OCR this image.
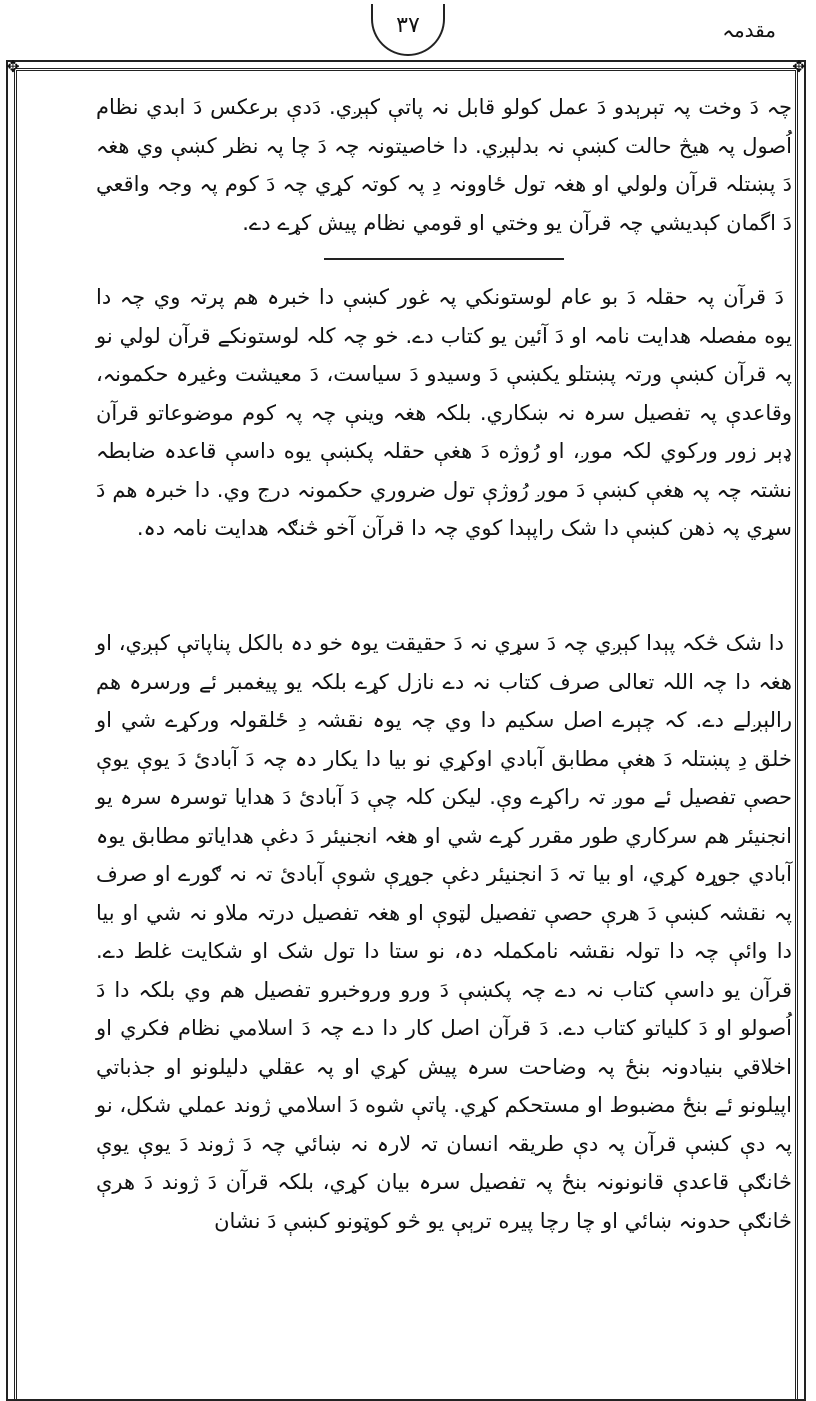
مقدمہ
۳۷
✥	✥

چہ دَ وخت پہ تېرېدو دَ عمل کولو قابل نہ پاتې کېږي. دَدې برعکس دَ ابدي نظام اُصول پہ هیڅ حالت کښې نہ بدلېږي. دا خاصیتونہ چہ دَ چا پہ نظر کښې وي هغہ دَ پښتلہ قرآن ولولي او هغہ تول ځاوونہ دِ پہ کوتہ کړي چہ دَ کوم پہ وجہ واقعي دَ اگمان کېدیشي چہ قرآن یو وختي او قومي نظام پیش کړے دے.

دَ قرآن پہ حقلہ دَ بو عام لوستونکي پہ غور کښې دا خبرہ هم پرتہ وي چہ دا یوه مفصلہ هدایت نامہ او دَ آئین یو کتاب دے. خو چہ کلہ لوستونکے قرآن لولي نو پہ قرآن کښې ورتہ پښتلو یکښې دَ وسیدو دَ سیاست، دَ معیشت وغیرہ حکمونہ، وقاعدې پہ تفصیل سرہ نہ ښکاري. بلکہ هغہ وینې چہ پہ کوم موضوعاتو قرآن ډېر زور ورکوي لکہ موږ، او رُوژه دَ هغې حقلہ پکښې یوه داسې قاعدہ ضابطہ نشتہ چہ پہ هغې کښې دَ موږ رُوژې تول ضروري حکمونہ درج وي. دا خبرہ هم دَ سړي پہ ذهن کښې دا شک راپېدا کوي چہ دا قرآن آخو څنګہ هدایت نامہ دہ.

دا شک څکہ پېدا کېږي چہ دَ سړي نہ دَ حقیقت یوہ خو دہ بالکل پناپاتې کېږي، او هغہ دا چہ اللہ تعالی صرف کتاب نہ دے نازل کړے بلکہ یو پیغمبر ئے ورسرہ هم رالېږلے دے. کہ چېرے اصل سکیم دا وي چہ یوہ نقشہ دِ ځلقولہ ورکړے شي او خلق دِ پښتلہ دَ هغې مطابق آبادي اوکړي نو بیا دا یکار دہ چہ دَ آبادئ دَ یوې یوې حصې تفصیل ئے موږ تہ راکړے وې. لیکن کلہ چې دَ آبادئ دَ هدایا توسرہ سرہ یو انجنیئر هم سرکاري طور مقرر کړے شي او هغہ انجنیئر دَ دغې هدایاتو مطابق یوہ آبادي جوړہ کړي، او بیا تہ دَ انجنیئر دغې جوړې شوې آبادئ تہ نہ ګورے او صرف پہ نقشہ کښې دَ هرې حصې تفصیل لټوې او هغہ تفصیل درتہ ملاو نہ شي او بیا دا وائې چہ دا تولہ نقشہ نامکملہ دہ، نو ستا دا تول شک او شکایت غلط دے. قرآن یو داسې کتاب نہ دے چہ پکښې دَ ورو وروخبرو تفصیل هم وي بلکہ دا دَ اُصولو او دَ کلیاتو کتاب دے. دَ قرآن اصل کار دا دے چہ دَ اسلامي نظام فکري او اخلاقي بنیادونہ بنځ پہ وضاحت سرہ پیش کړي او پہ عقلي دلیلونو او جذباتي اپیلونو ئے بنځ مضبوط او مستحکم کړي. پاتې شوه دَ اسلامي ژوند عملي شکل، نو پہ دې کښې قرآن پہ دې طریقہ انسان تہ لارہ نہ ښائي چہ دَ ژوند دَ یوې یوې څانګې قاعدې قانونونہ بنځ پہ تفصیل سرہ بیان کړي، بلکہ قرآن دَ ژوند دَ هرې څانګې حدونہ ښائي او چا رچا پیره ترېې یو څو کوټونو کښې دَ نشان
